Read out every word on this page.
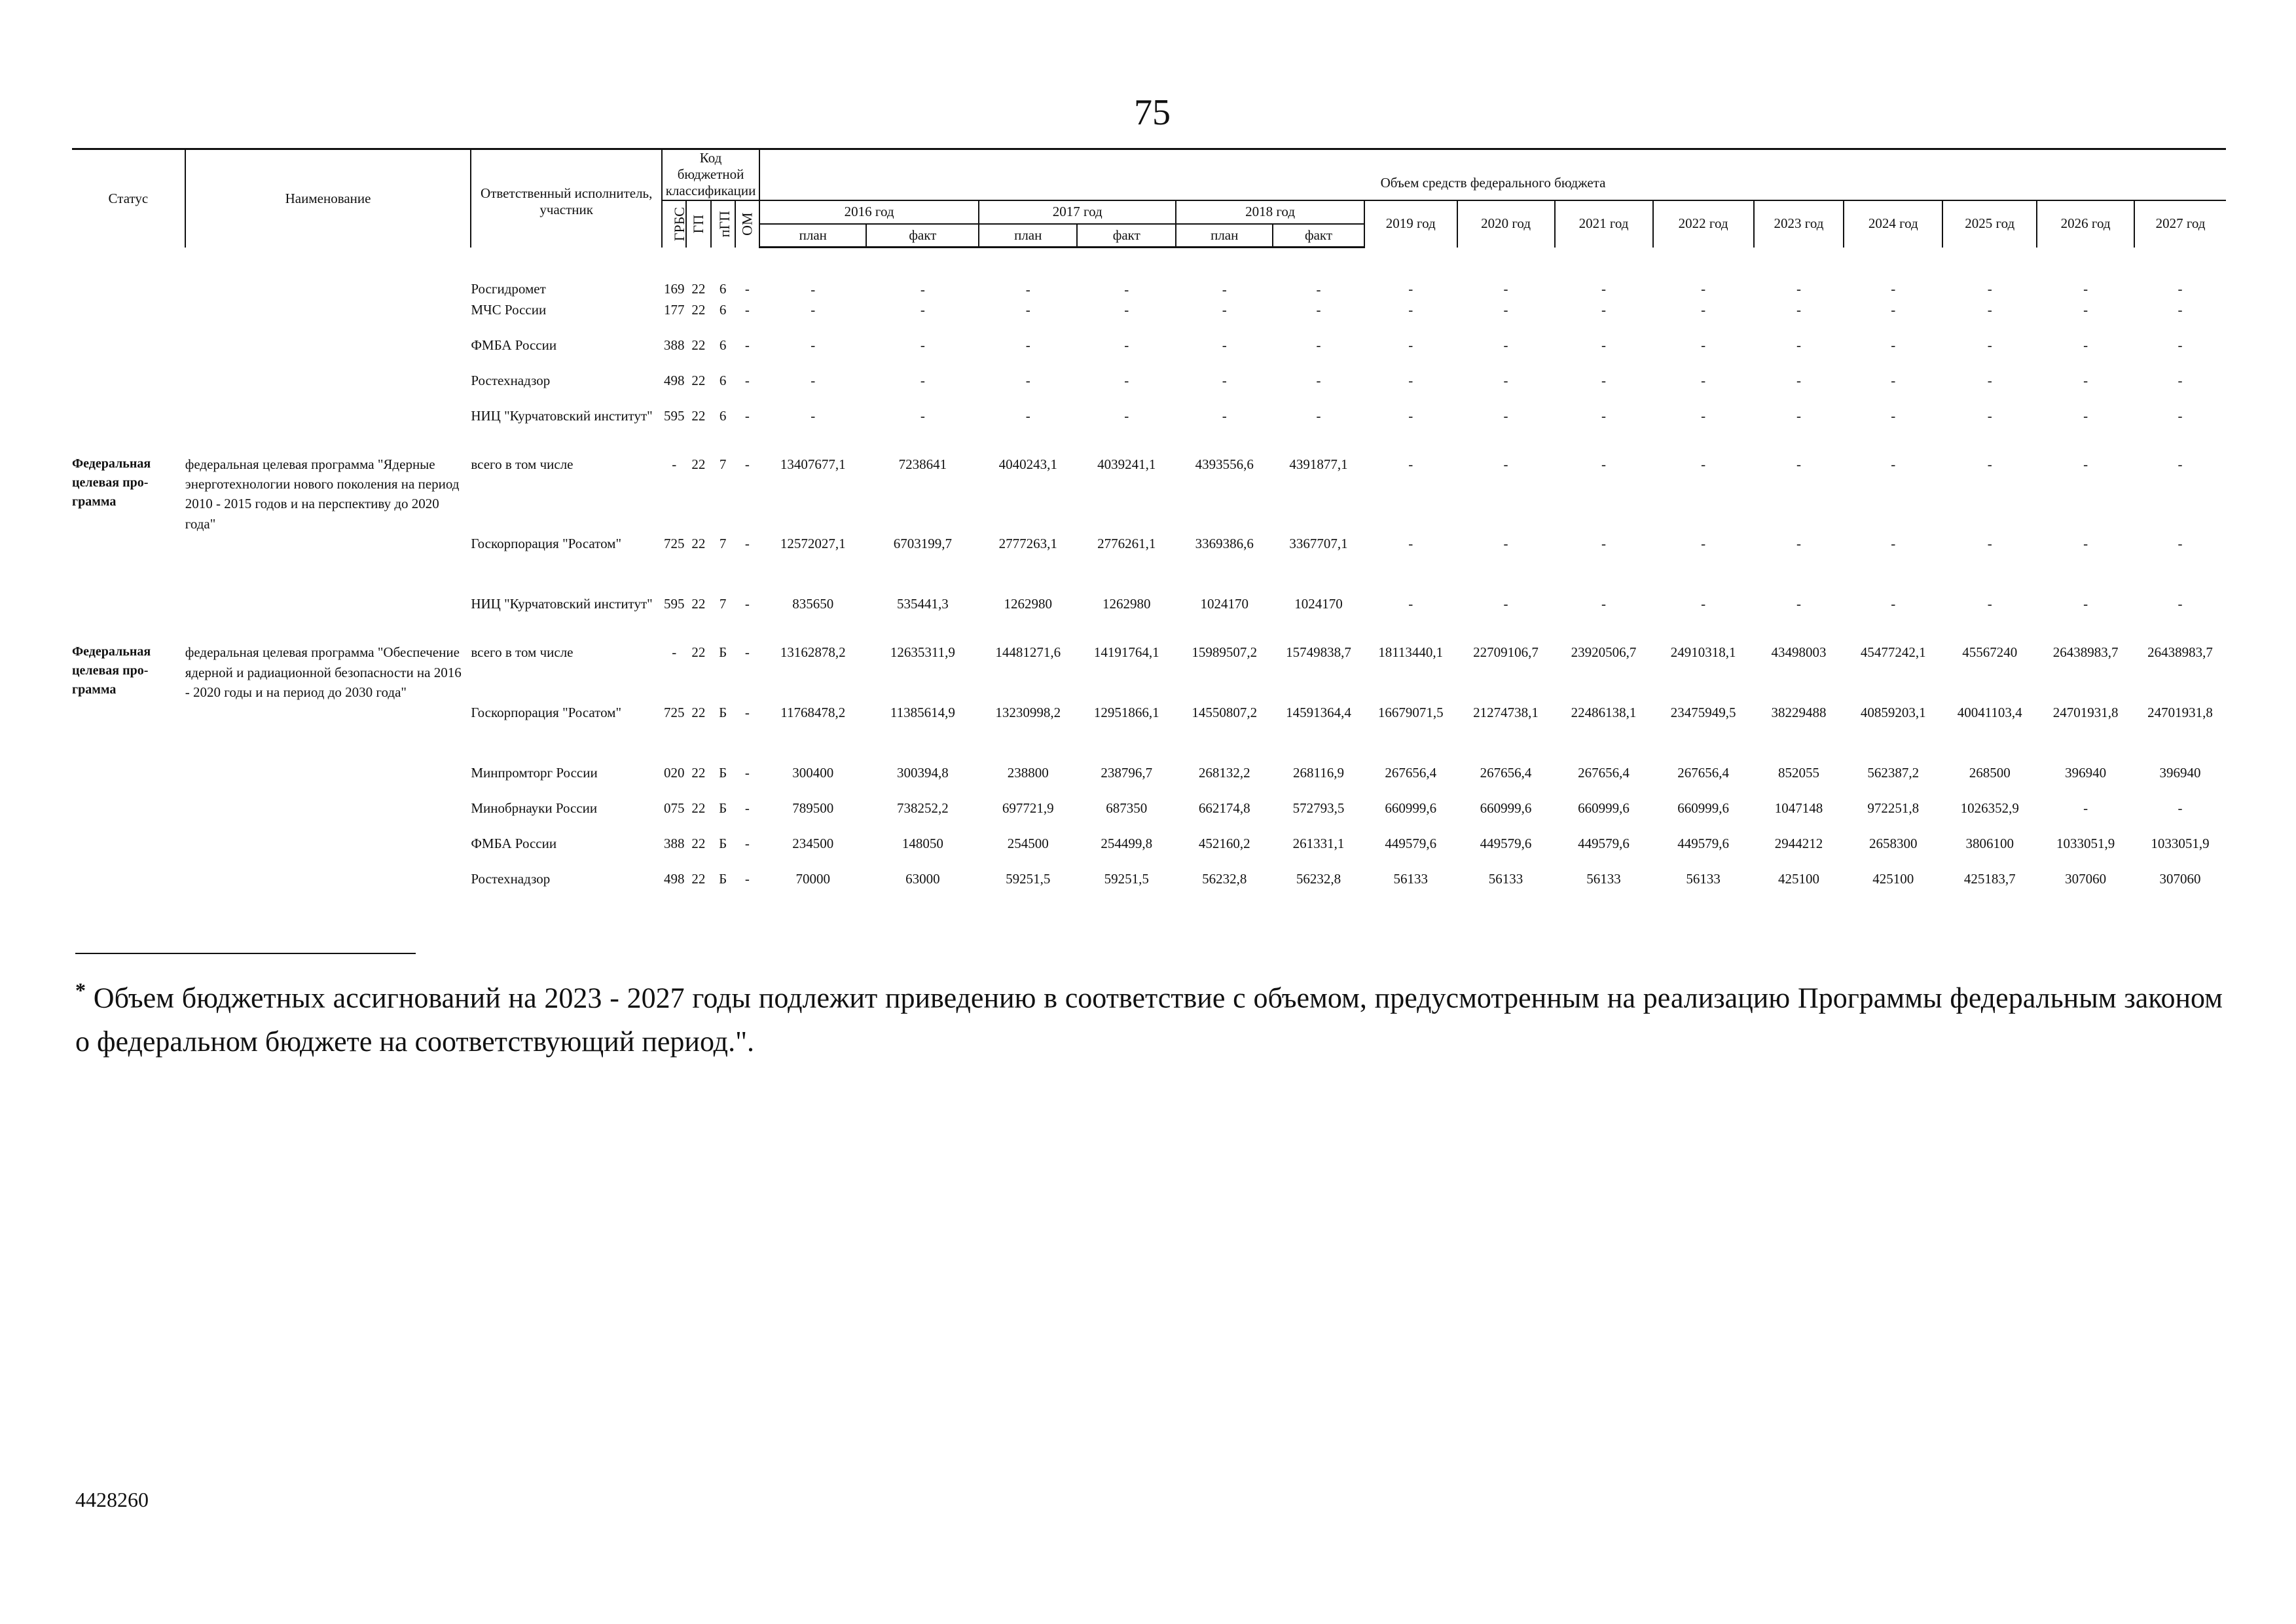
75
Статус	Наименование	Ответственный исполнитель, участник	Код бюджетной классификации				Объем средств федерального бюджета														
			ГРБС	ГП	пГП	ОМ	2016 год		2017 год		2018 год		2019 год	2020 год	2021 год	2022 год	2023 год	2024 год	2025 год	2026 год	2027 год
							план	факт	план	факт	план	факт									
		Росгидромет	169	22	6	-	-	-	-	-	-	-	-	-	-	-	-	-	-	-	-
		МЧС России	177	22	6	-	-	-	-	-	-	-	-	-	-	-	-	-	-	-	-
		ФМБА России	388	22	6	-	-	-	-	-	-	-	-	-	-	-	-	-	-	-	-
		Ростехнадзор	498	22	6	-	-	-	-	-	-	-	-	-	-	-	-	-	-	-	-
		НИЦ "Курчатовский институт"	595	22	6	-	-	-	-	-	-	-	-	-	-	-	-	-	-	-	-
Федеральная целевая про-грамма	федеральная целевая программа "Ядерные энерготехнологии нового поколения на период 2010 - 2015 годов и на перспективу до 2020 года"	всего в том числе	-	22	7	-	13407677,1	7238641	4040243,1	4039241,1	4393556,6	4391877,1	-	-	-	-	-	-	-	-	-
		Госкорпорация "Росатом"	725	22	7	-	12572027,1	6703199,7	2777263,1	2776261,1	3369386,6	3367707,1	-	-	-	-	-	-	-	-	-
		НИЦ "Курчатовский институт"	595	22	7	-	835650	535441,3	1262980	1262980	1024170	1024170	-	-	-	-	-	-	-	-	-
Федеральная целевая про-грамма	федеральная целевая программа "Обеспечение ядерной и радиационной безопасности на 2016 - 2020 годы и на период до 2030 года"	всего в том числе	-	22	Б	-	13162878,2	12635311,9	14481271,6	14191764,1	15989507,2	15749838,7	18113440,1	22709106,7	23920506,7	24910318,1	43498003	45477242,1	45567240	26438983,7	26438983,7
		Госкорпорация "Росатом"	725	22	Б	-	11768478,2	11385614,9	13230998,2	12951866,1	14550807,2	14591364,4	16679071,5	21274738,1	22486138,1	23475949,5	38229488	40859203,1	40041103,4	24701931,8	24701931,8
		Минпромторг России	020	22	Б	-	300400	300394,8	238800	238796,7	268132,2	268116,9	267656,4	267656,4	267656,4	267656,4	852055	562387,2	268500	396940	396940
		Минобрнауки России	075	22	Б	-	789500	738252,2	697721,9	687350	662174,8	572793,5	660999,6	660999,6	660999,6	660999,6	1047148	972251,8	1026352,9	-	-
		ФМБА России	388	22	Б	-	234500	148050	254500	254499,8	452160,2	261331,1	449579,6	449579,6	449579,6	449579,6	2944212	2658300	3806100	1033051,9	1033051,9
		Ростехнадзор	498	22	Б	-	70000	63000	59251,5	59251,5	56232,8	56232,8	56133	56133	56133	56133	425100	425100	425183,7	307060	307060
* Объем бюджетных ассигнований на 2023 - 2027 годы подлежит приведению в соответствие с объемом, предусмотренным на реализацию Программы федеральным законом о федеральном бюджете на соответствующий период.".
4428260
